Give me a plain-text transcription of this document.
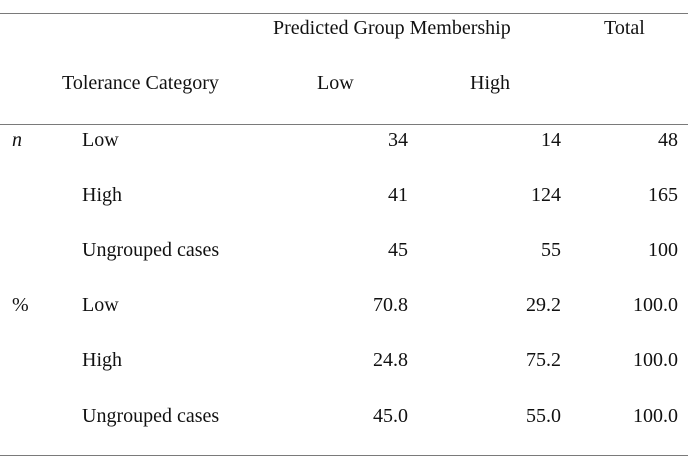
Predicted Group Membership	Total
Tolerance Category	Low	High
n	Low	34	14	48
High	41	124	165
Ungrouped cases	45	55	100
%	Low	70.8	29.2	100.0
High	24.8	75.2	100.0
Ungrouped cases	45.0	55.0	100.0
